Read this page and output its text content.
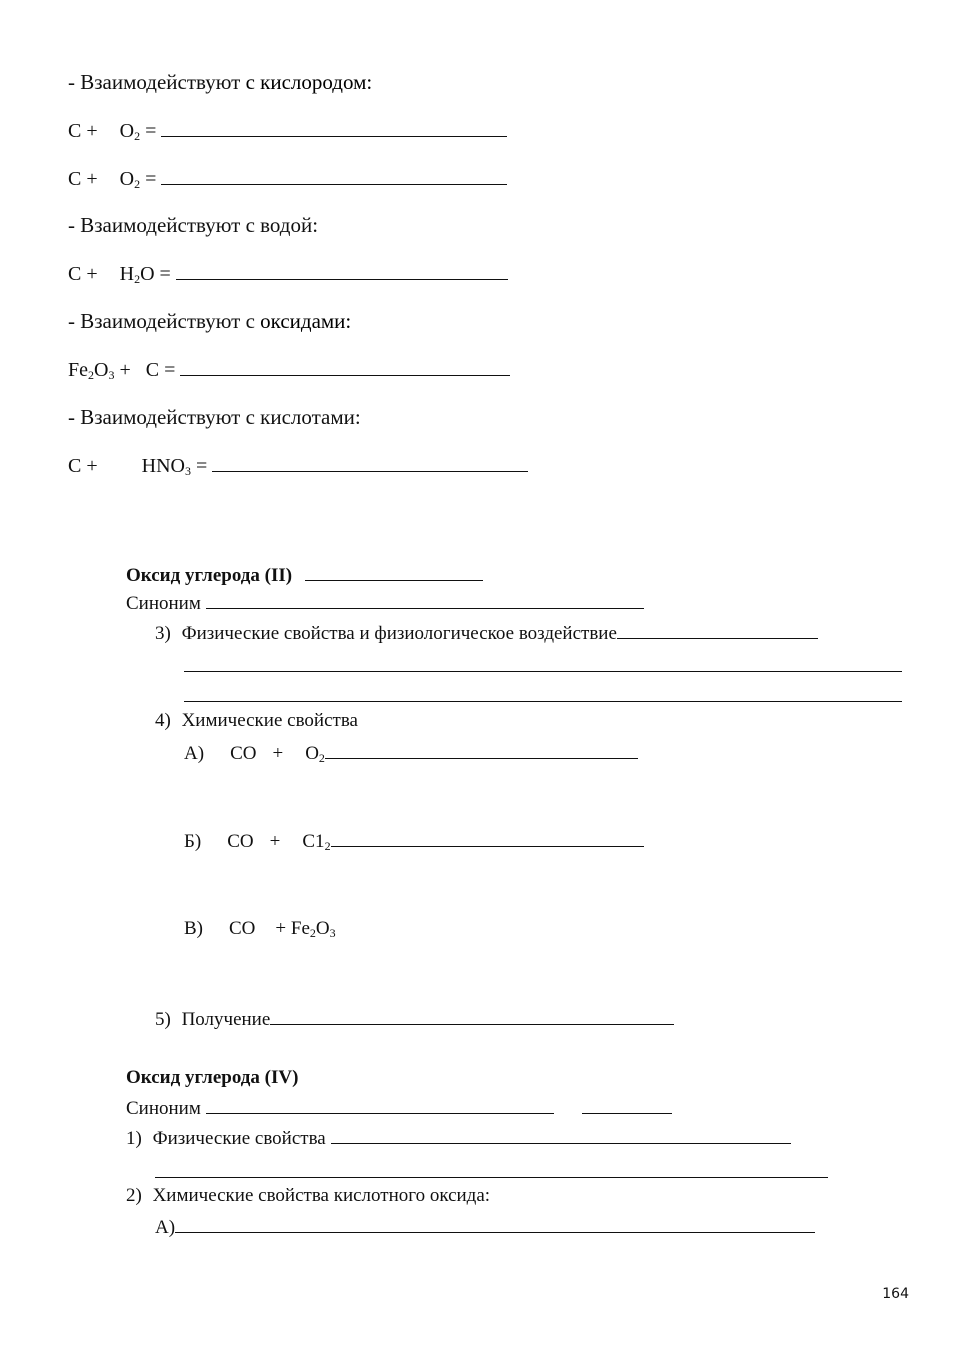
- Взаимодействуют с кислородом:
$C + O_2$ =
$C + O_2$ =
- Взаимодействуют с водой:
$C + H_2O$ =
- Взаимодействуют с оксидами:
$Fe_2O_3 + C$ =
- Взаимодействуют с кислотами:
$C + HNO_3$ =
Оксид углерода (II)
Синоним
3) Физические свойства и физиологическое воздействие
4) Химические свойства
А) CO + $O_2$
Б) CO + $C1_2$
В) CO + $Fe_2O_3$
5) Получение
Оксид углерода (IV)
Синоним
1) Физические свойства
2) Химические свойства кислотного оксида:
А)
164
